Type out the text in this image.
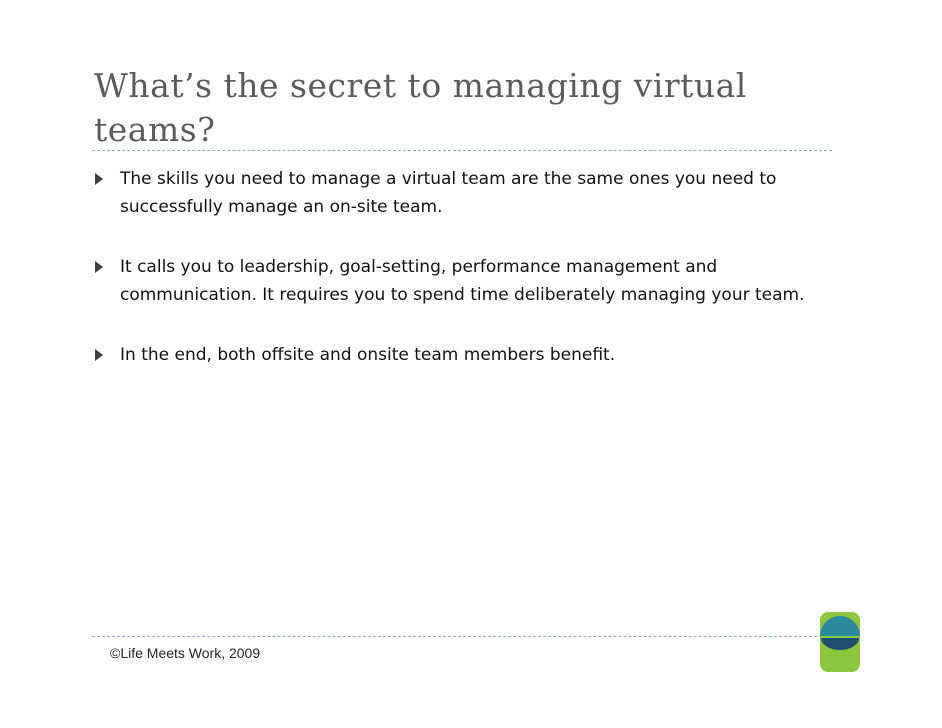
What’s the secret to managing virtual teams?
The skills you need to manage a virtual team are the same ones you need to successfully manage an on-site team.
It calls you to leadership, goal-setting, performance management and communication. It requires you to spend time deliberately managing your team.
In the end, both offsite and onsite team members benefit.
©Life Meets Work, 2009
